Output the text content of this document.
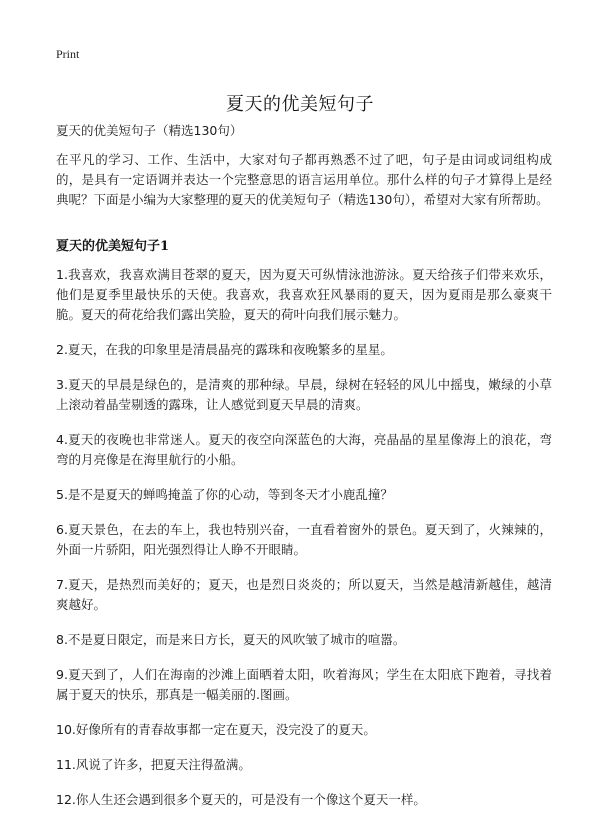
Print
夏天的优美短句子
夏天的优美短句子（精选130句）

在平凡的学习、工作、生活中，大家对句子都再熟悉不过了吧，句子是由词或词组构成的，是具有一定语调并表达一个完整意思的语言运用单位。那什么样的句子才算得上是经典呢？下面是小编为大家整理的夏天的优美短句子（精选130句），希望对大家有所帮助。

夏天的优美短句子1

1.我喜欢，我喜欢满目苍翠的夏天，因为夏天可纵情泳池游泳。夏天给孩子们带来欢乐，他们是夏季里最快乐的天使。我喜欢，我喜欢狂风暴雨的夏天，因为夏雨是那么豪爽干脆。夏天的荷花给我们露出笑脸，夏天的荷叶向我们展示魅力。

2.夏天，在我的印象里是清晨晶亮的露珠和夜晚繁多的星星。

3.夏天的早晨是绿色的，是清爽的那种绿。早晨，绿树在轻轻的风儿中摇曳，嫩绿的小草上滚动着晶莹剔透的露珠，让人感觉到夏天早晨的清爽。

4.夏天的夜晚也非常迷人。夏天的夜空向深蓝色的大海，亮晶晶的星星像海上的浪花，弯弯的月亮像是在海里航行的小船。

5.是不是夏天的蝉鸣掩盖了你的心动，等到冬天才小鹿乱撞？

6.夏天景色，在去的车上，我也特别兴奋，一直看着窗外的景色。夏天到了，火辣辣的，外面一片骄阳，阳光强烈得让人睁不开眼睛。

7.夏天，是热烈而美好的；夏天，也是烈日炎炎的；所以夏天，当然是越清新越佳，越清爽越好。

8.不是夏日限定，而是来日方长，夏天的风吹皱了城市的喧嚣。

9.夏天到了，人们在海南的沙滩上面晒着太阳，吹着海风；学生在太阳底下跑着，寻找着属于夏天的快乐，那真是一幅美丽的.图画。

10.好像所有的青春故事都一定在夏天，没完没了的夏天。

11.风说了许多，把夏天注得盈满。

12.你人生还会遇到很多个夏天的，可是没有一个像这个夏天一样。
